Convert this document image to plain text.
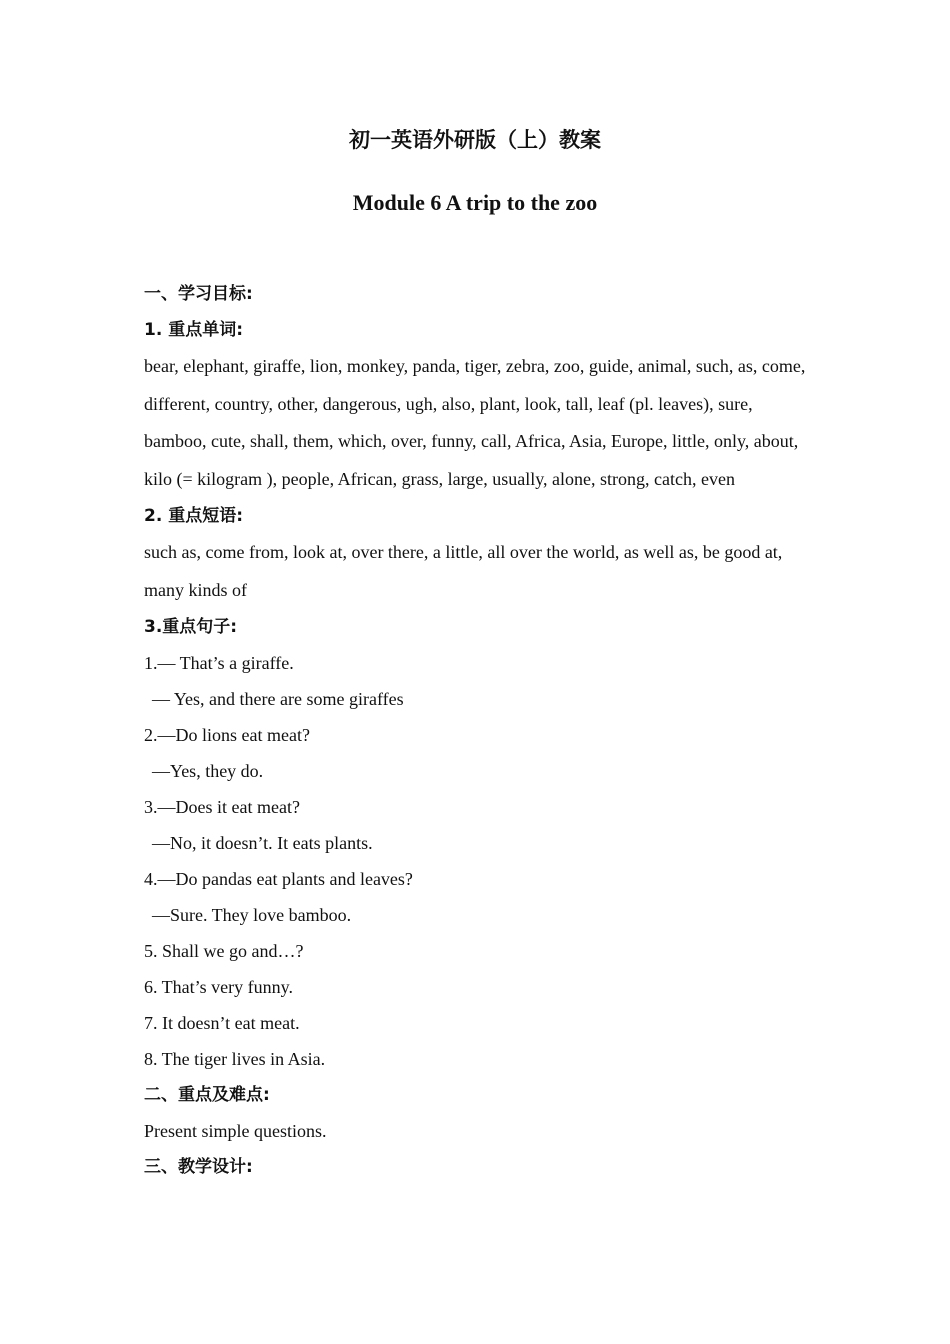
初一英语外研版（上）教案
Module 6 A trip to the zoo
一、学习目标:
1. 重点单词:
bear, elephant, giraffe, lion, monkey, panda, tiger, zebra, zoo, guide, animal, such, as, come, different, country, other, dangerous, ugh, also, plant, look, tall, leaf (pl. leaves), sure, bamboo, cute, shall, them, which, over, funny, call, Africa, Asia, Europe, little, only, about, kilo (= kilogram ), people, African, grass, large, usually, alone, strong, catch, even
2. 重点短语:
such as, come from, look at, over there, a little, all over the world, as well as, be good at, many kinds of
3.重点句子:
1.— That’s a giraffe.
— Yes, and there are some giraffes
2.—Do lions eat meat?
—Yes, they do.
3.—Does it eat meat?
—No, it doesn’t. It eats plants.
4.—Do pandas eat plants and leaves?
—Sure. They love bamboo.
5. Shall we go and…?
6. That’s very funny.
7. It doesn’t eat meat.
8. The tiger lives in Asia.
二、重点及难点:
Present simple questions.
三、教学设计:
